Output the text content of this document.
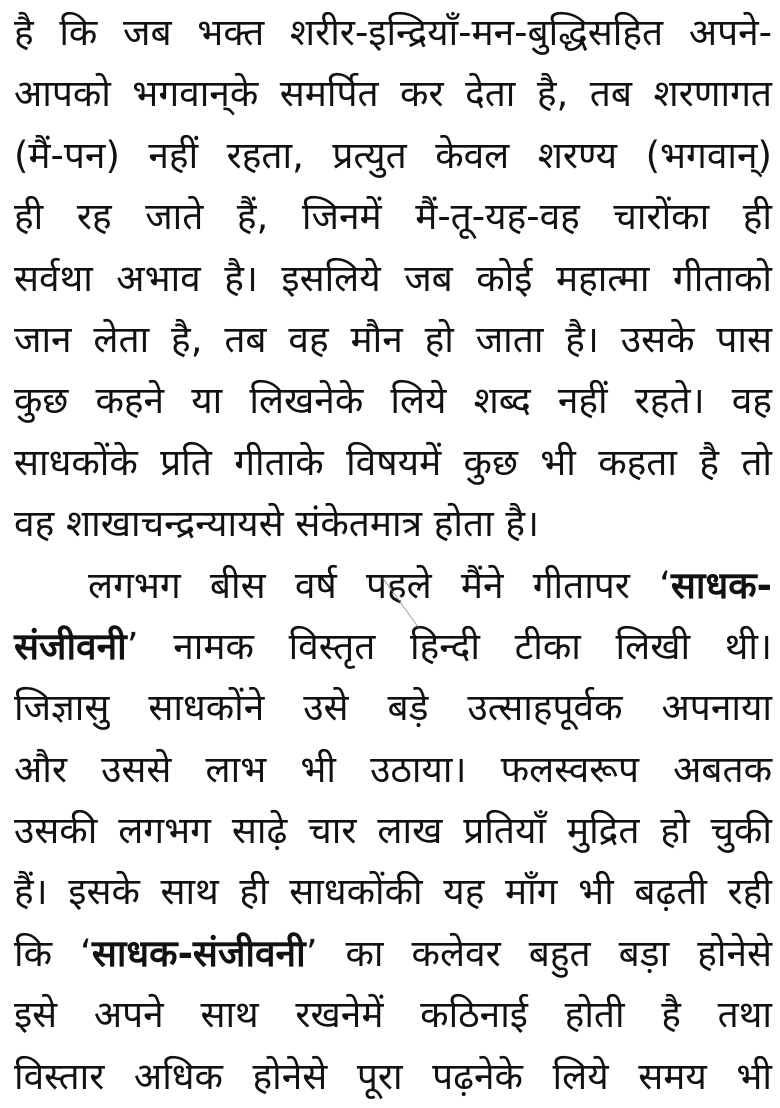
है कि जब भक्त शरीर-इन्द्रियाँ-मन-बुद्धिसहित अपने-
आपको भगवान्‌के समर्पित कर देता है, तब शरणागत
(मैं-पन) नहीं रहता, प्रत्युत केवल शरण्य (भगवान्)
ही रह जाते हैं, जिनमें मैं-तू-यह-वह चारोंका ही
सर्वथा अभाव है। इसलिये जब कोई महात्मा गीताको
जान लेता है, तब वह मौन हो जाता है। उसके पास
कुछ कहने या लिखनेके लिये शब्द नहीं रहते। वह
साधकोंके प्रति गीताके विषयमें कुछ भी कहता है तो
वह शाखाचन्द्रन्यायसे संकेतमात्र होता है।
लगभग बीस वर्ष पहले मैंने गीतापर ‘साधक-
संजीवनी’ नामक विस्तृत हिन्दी टीका लिखी थी।
जिज्ञासु साधकोंने उसे बड़े उत्साहपूर्वक अपनाया
और उससे लाभ भी उठाया। फलस्वरूप अबतक
उसकी लगभग साढ़े चार लाख प्रतियाँ मुद्रित हो चुकी
हैं। इसके साथ ही साधकोंकी यह माँग भी बढ़ती रही
कि ‘साधक-संजीवनी’ का कलेवर बहुत बड़ा होनेसे
इसे अपने साथ रखनेमें कठिनाई होती है तथा
विस्तार अधिक होनेसे पूरा पढ़नेके लिये समय भी
